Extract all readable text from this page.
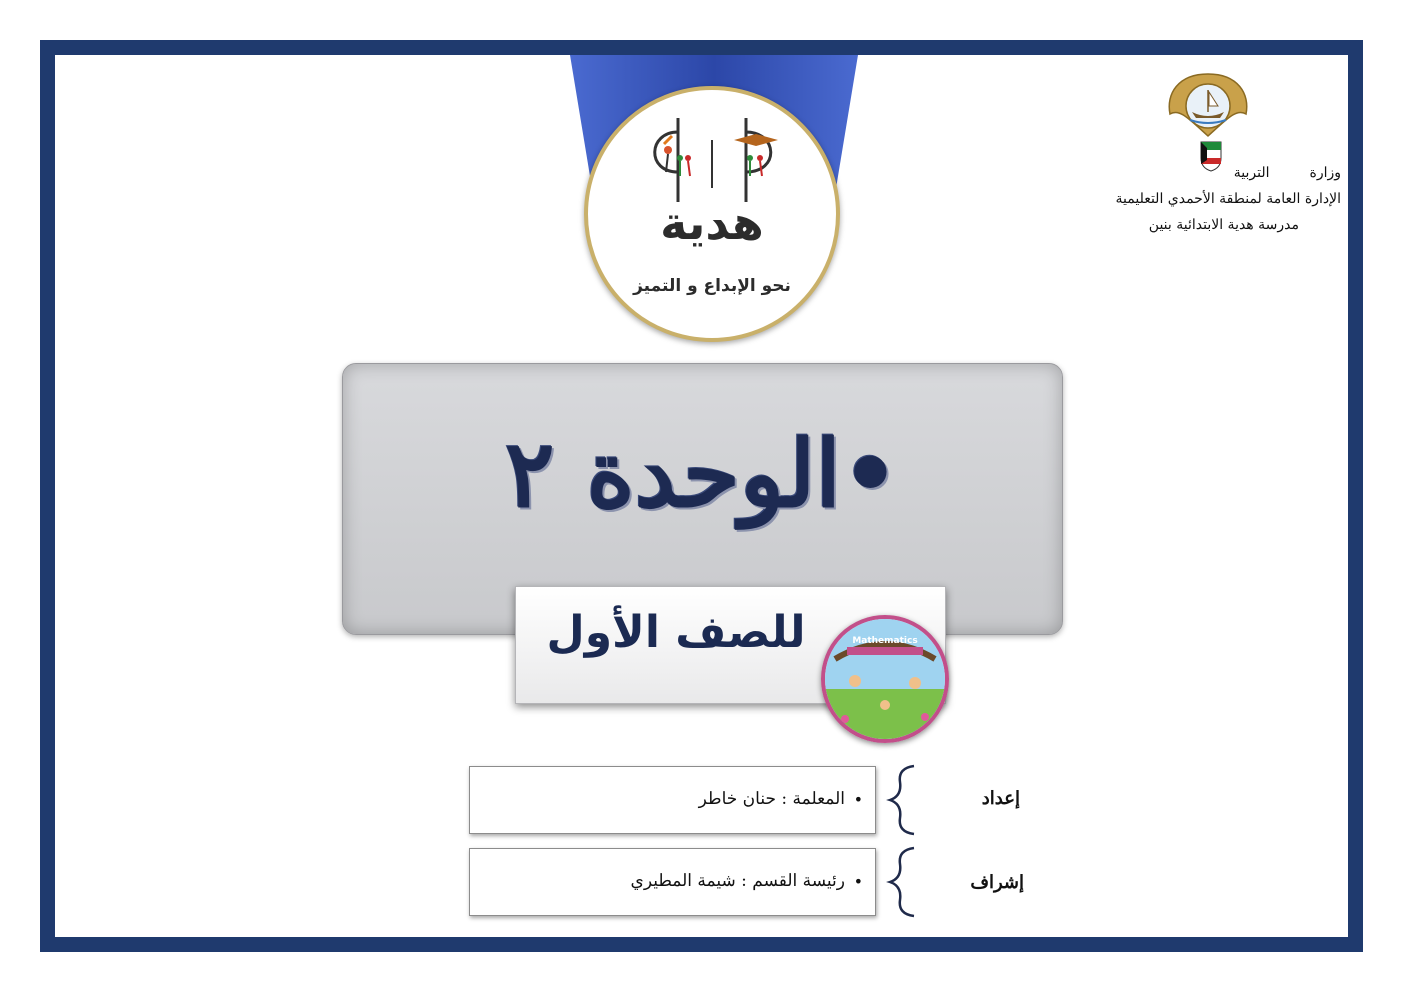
هدية
نحو الإبداع و التميز
وزارة
التربية
الإدارة العامة لمنطقة الأحمدي التعليمية
مدرسة هدية الابتدائية بنين
•الوحدة ٢
للصف الأول	Mathematics
إعداد
•
المعلمة : حنان خاطر
إشراف
•
رئيسة القسم : شيمة المطيري
